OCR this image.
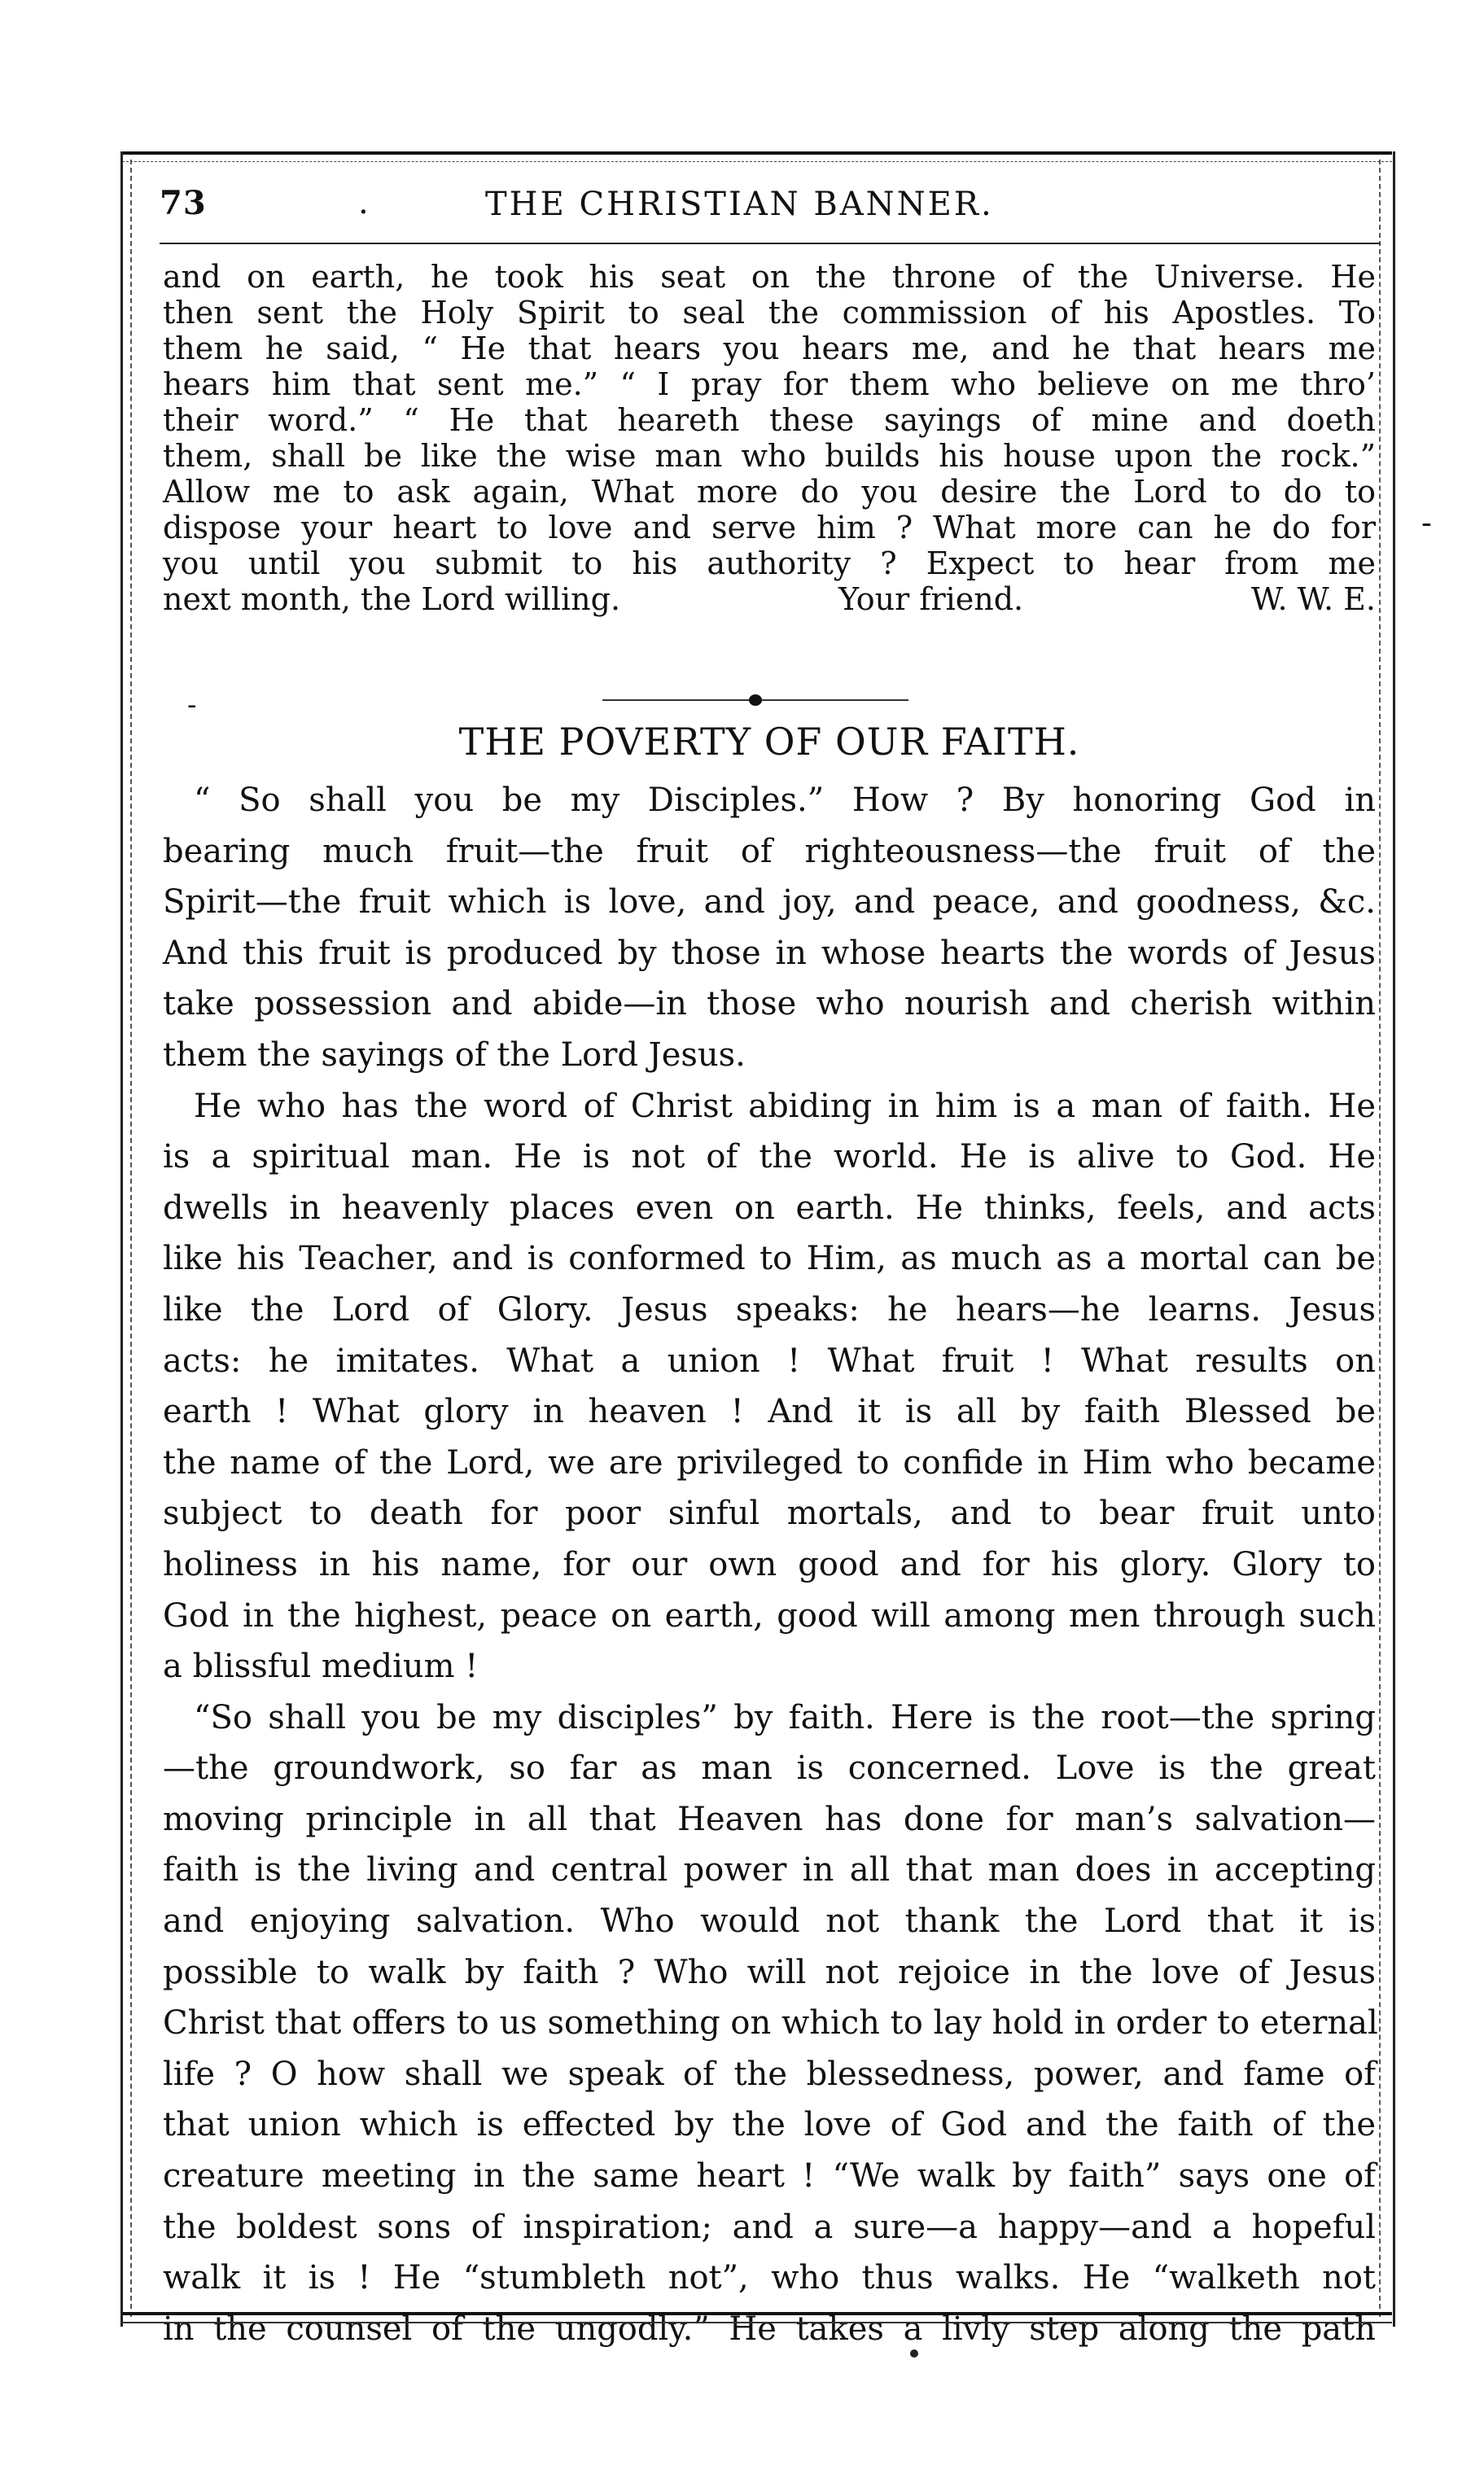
73	.	THE CHRISTIAN BANNER.
and on earth, he took his seat on the throne of the Universe. He
then sent the Holy Spirit to seal the commission of his Apostles. To
them he said, “ He that hears you hears me, and he that hears me
hears him that sent me.” “ I pray for them who believe on me thro’
their word.” “ He that heareth these sayings of mine and doeth
them, shall be like the wise man who builds his house upon the rock.”
Allow me to ask again, What more do you desire the Lord to do to
dispose your heart to love and serve him ? What more can he do for
you until you submit to his authority ? Expect to hear from me
next month, the Lord willing.	Your friend.	W. W. E.
-
THE POVERTY OF OUR FAITH.
“ So shall you be my Disciples.” How ? By honoring God in
bearing much fruit—the fruit of righteousness—the fruit of the
Spirit—the fruit which is love, and joy, and peace, and goodness, &c.
And this fruit is produced by those in whose hearts the words of Jesus
take possession and abide—in those who nourish and cherish within
them the sayings of the Lord Jesus.
He who has the word of Christ abiding in him is a man of faith. He
is a spiritual man. He is not of the world. He is alive to God. He
dwells in heavenly places even on earth. He thinks, feels, and acts
like his Teacher, and is conformed to Him, as much as a mortal can be
like the Lord of Glory. Jesus speaks: he hears—he learns. Jesus
acts: he imitates. What a union ! What fruit ! What results on
earth ! What glory in heaven ! And it is all by faith Blessed be
the name of the Lord, we are privileged to confide in Him who became
subject to death for poor sinful mortals, and to bear fruit unto
holiness in his name, for our own good and for his glory. Glory to
God in the highest, peace on earth, good will among men through such
a blissful medium !
“So shall you be my disciples” by faith. Here is the root—the spring
—the groundwork, so far as man is concerned. Love is the great
moving principle in all that Heaven has done for man’s salvation—
faith is the living and central power in all that man does in accepting
and enjoying salvation. Who would not thank the Lord that it is
possible to walk by faith ? Who will not rejoice in the love of Jesus
Christ that offers to us something on which to lay hold in order to eternal
life ? O how shall we speak of the blessedness, power, and fame of
that union which is effected by the love of God and the faith of the
creature meeting in the same heart ! “We walk by faith” says one of
the boldest sons of inspiration; and a sure—a happy—and a hopeful
walk it is ! He “stumbleth not”, who thus walks. He “walketh not
in the counsel of the ungodly.” He takes a livly step along the path
-
